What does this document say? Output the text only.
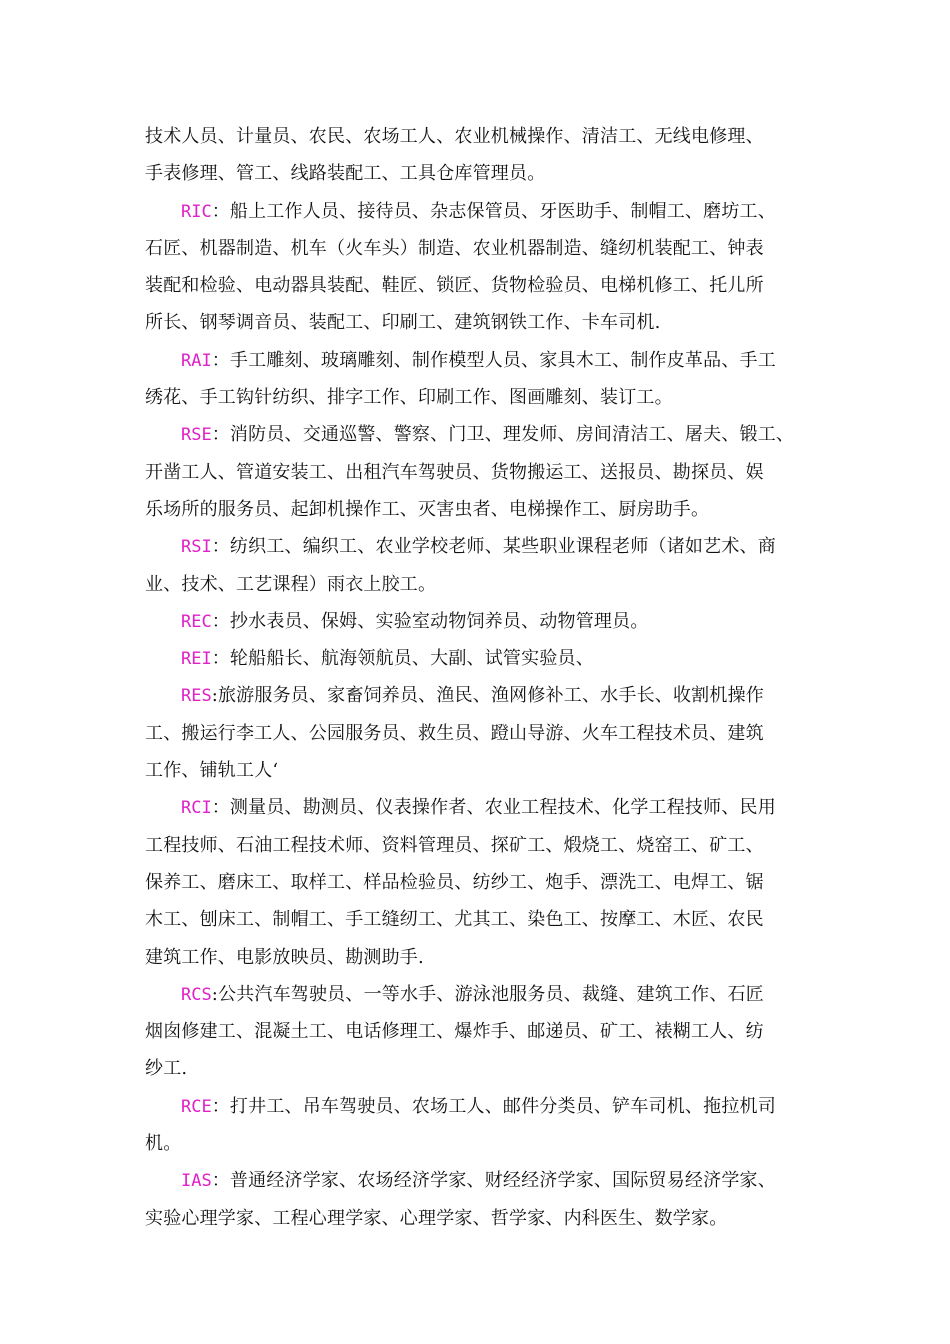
技术人员、计量员、农民、农场工人、农业机械操作、清洁工、无线电修理、
手表修理、管工、线路装配工、工具仓库管理员。
RIC：船上工作人员、接待员、杂志保管员、牙医助手、制帽工、磨坊工、
石匠、机器制造、机车（火车头）制造、农业机器制造、缝纫机装配工、钟表
装配和检验、电动器具装配、鞋匠、锁匠、货物检验员、电梯机修工、托儿所
所长、钢琴调音员、装配工、印刷工、建筑钢铁工作、卡车司机.
RAI：手工雕刻、玻璃雕刻、制作模型人员、家具木工、制作皮革品、手工
绣花、手工钩针纺织、排字工作、印刷工作、图画雕刻、装订工。
RSE：消防员、交通巡警、警察、门卫、理发师、房间清洁工、屠夫、锻工、
开凿工人、管道安装工、出租汽车驾驶员、货物搬运工、送报员、勘探员、娱
乐场所的服务员、起卸机操作工、灭害虫者、电梯操作工、厨房助手。
RSI：纺织工、编织工、农业学校老师、某些职业课程老师（诸如艺术、商
业、技术、工艺课程）雨衣上胶工。
REC：抄水表员、保姆、实验室动物饲养员、动物管理员。
REI：轮船船长、航海领航员、大副、试管实验员、
RES:旅游服务员、家畜饲养员、渔民、渔网修补工、水手长、收割机操作
工、搬运行李工人、公园服务员、救生员、蹬山导游、火车工程技术员、建筑
工作、铺轨工人‘
RCI：测量员、勘测员、仪表操作者、农业工程技术、化学工程技师、民用
工程技师、石油工程技术师、资料管理员、探矿工、煅烧工、烧窑工、矿工、
保养工、磨床工、取样工、样品检验员、纺纱工、炮手、漂洗工、电焊工、锯
木工、刨床工、制帽工、手工缝纫工、尤其工、染色工、按摩工、木匠、农民
建筑工作、电影放映员、勘测助手.
RCS:公共汽车驾驶员、一等水手、游泳池服务员、裁缝、建筑工作、石匠
烟囱修建工、混凝土工、电话修理工、爆炸手、邮递员、矿工、裱糊工人、纺
纱工.
RCE：打井工、吊车驾驶员、农场工人、邮件分类员、铲车司机、拖拉机司
机。
IAS：普通经济学家、农场经济学家、财经经济学家、国际贸易经济学家、
实验心理学家、工程心理学家、心理学家、哲学家、内科医生、数学家。
